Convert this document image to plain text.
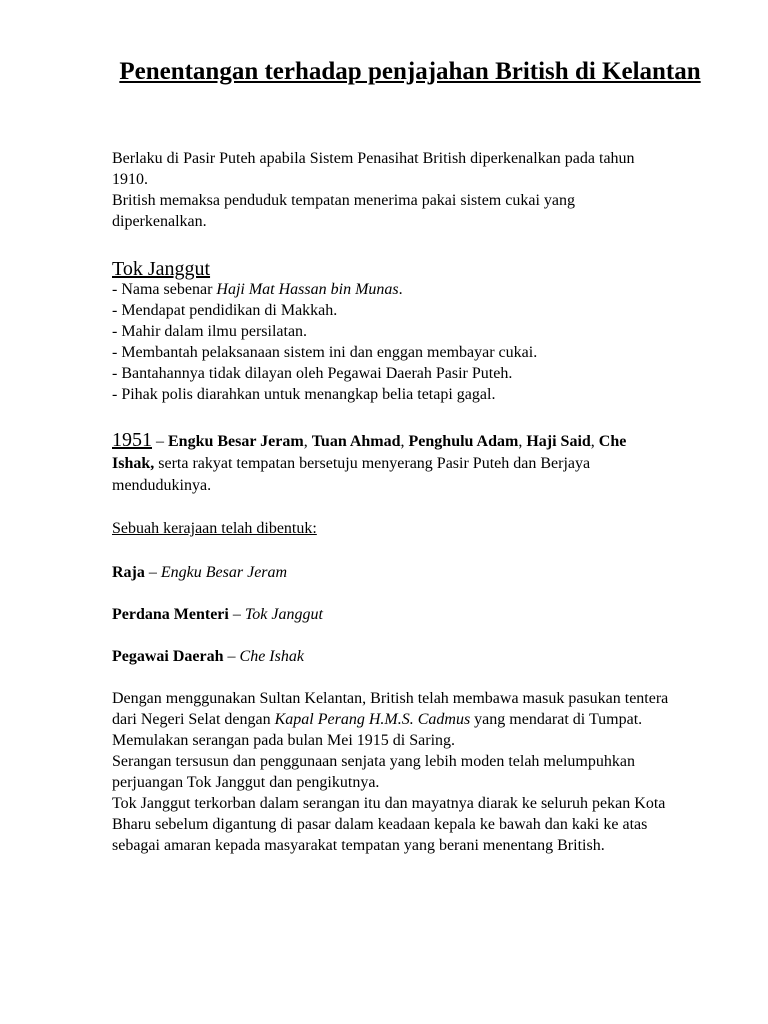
Penentangan terhadap penjajahan British di Kelantan

Berlaku di Pasir Puteh apabila Sistem Penasihat British diperkenalkan pada tahun 1910.

British memaksa penduduk tempatan menerima pakai sistem cukai yang diperkenalkan.

Tok Janggut

- Nama sebenar Haji Mat Hassan bin Munas.

- Mendapat pendidikan di Makkah.

- Mahir dalam ilmu persilatan.

- Membantah pelaksanaan sistem ini dan enggan membayar cukai.

- Bantahannya tidak dilayan oleh Pegawai Daerah Pasir Puteh.

- Pihak polis diarahkan untuk menangkap belia tetapi gagal.

1951 – Engku Besar Jeram, Tuan Ahmad, Penghulu Adam, Haji Said, Che Ishak, serta rakyat tempatan bersetuju menyerang Pasir Puteh dan Berjaya mendudukinya.

Sebuah kerajaan telah dibentuk:

Raja – Engku Besar Jeram

Perdana Menteri – Tok Janggut

Pegawai Daerah – Che Ishak

Dengan menggunakan Sultan Kelantan, British telah membawa masuk pasukan tentera dari Negeri Selat dengan Kapal Perang H.M.S. Cadmus yang mendarat di Tumpat.

Memulakan serangan pada bulan Mei 1915 di Saring.

Serangan tersusun dan penggunaan senjata yang lebih moden telah melumpuhkan perjuangan Tok Janggut dan pengikutnya.

Tok Janggut terkorban dalam serangan itu dan mayatnya diarak ke seluruh pekan Kota Bharu sebelum digantung di pasar dalam keadaan kepala ke bawah dan kaki ke atas sebagai amaran kepada masyarakat tempatan yang berani menentang British.
